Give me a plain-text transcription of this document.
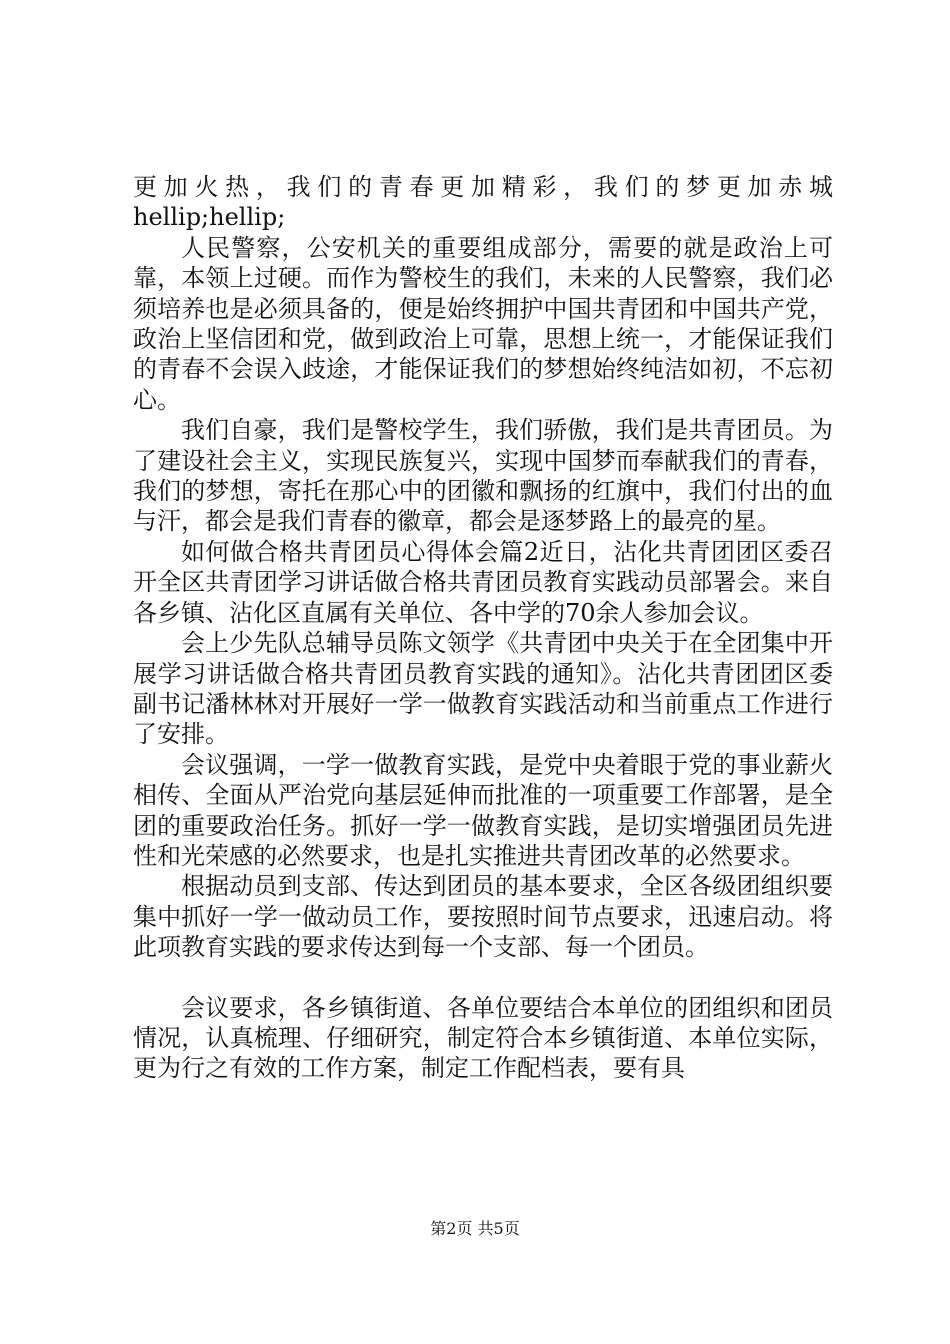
更加火热，我们的青春更加精彩，我们的梦更加赤城hellip;hellip;

人民警察，公安机关的重要组成部分，需要的就是政治上可靠，本领上过硬。而作为警校生的我们，未来的人民警察，我们必须培养也是必须具备的，便是始终拥护中国共青团和中国共产党，政治上坚信团和党，做到政治上可靠，思想上统一，才能保证我们的青春不会误入歧途，才能保证我们的梦想始终纯洁如初，不忘初心。

我们自豪，我们是警校学生，我们骄傲，我们是共青团员。为了建设社会主义，实现民族复兴，实现中国梦而奉献我们的青春，我们的梦想，寄托在那心中的团徽和飘扬的红旗中，我们付出的血与汗，都会是我们青春的徽章，都会是逐梦路上的最亮的星。

如何做合格共青团员心得体会篇2近日，沾化共青团团区委召开全区共青团学习讲话做合格共青团员教育实践动员部署会。来自各乡镇、沾化区直属有关单位、各中学的70余人参加会议。

会上少先队总辅导员陈文领学《共青团中央关于在全团集中开展学习讲话做合格共青团员教育实践的通知》。沾化共青团团区委副书记潘林林对开展好一学一做教育实践活动和当前重点工作进行了安排。

会议强调，一学一做教育实践，是党中央着眼于党的事业薪火相传、全面从严治党向基层延伸而批准的一项重要工作部署，是全团的重要政治任务。抓好一学一做教育实践，是切实增强团员先进性和光荣感的必然要求，也是扎实推进共青团改革的必然要求。

根据动员到支部、传达到团员的基本要求，全区各级团组织要集中抓好一学一做动员工作，要按照时间节点要求，迅速启动。将此项教育实践的要求传达到每一个支部、每一个团员。

会议要求，各乡镇街道、各单位要结合本单位的团组织和团员情况，认真梳理、仔细研究，制定符合本乡镇街道、本单位实际，更为行之有效的工作方案，制定工作配档表，要有具

第2页 共5页
